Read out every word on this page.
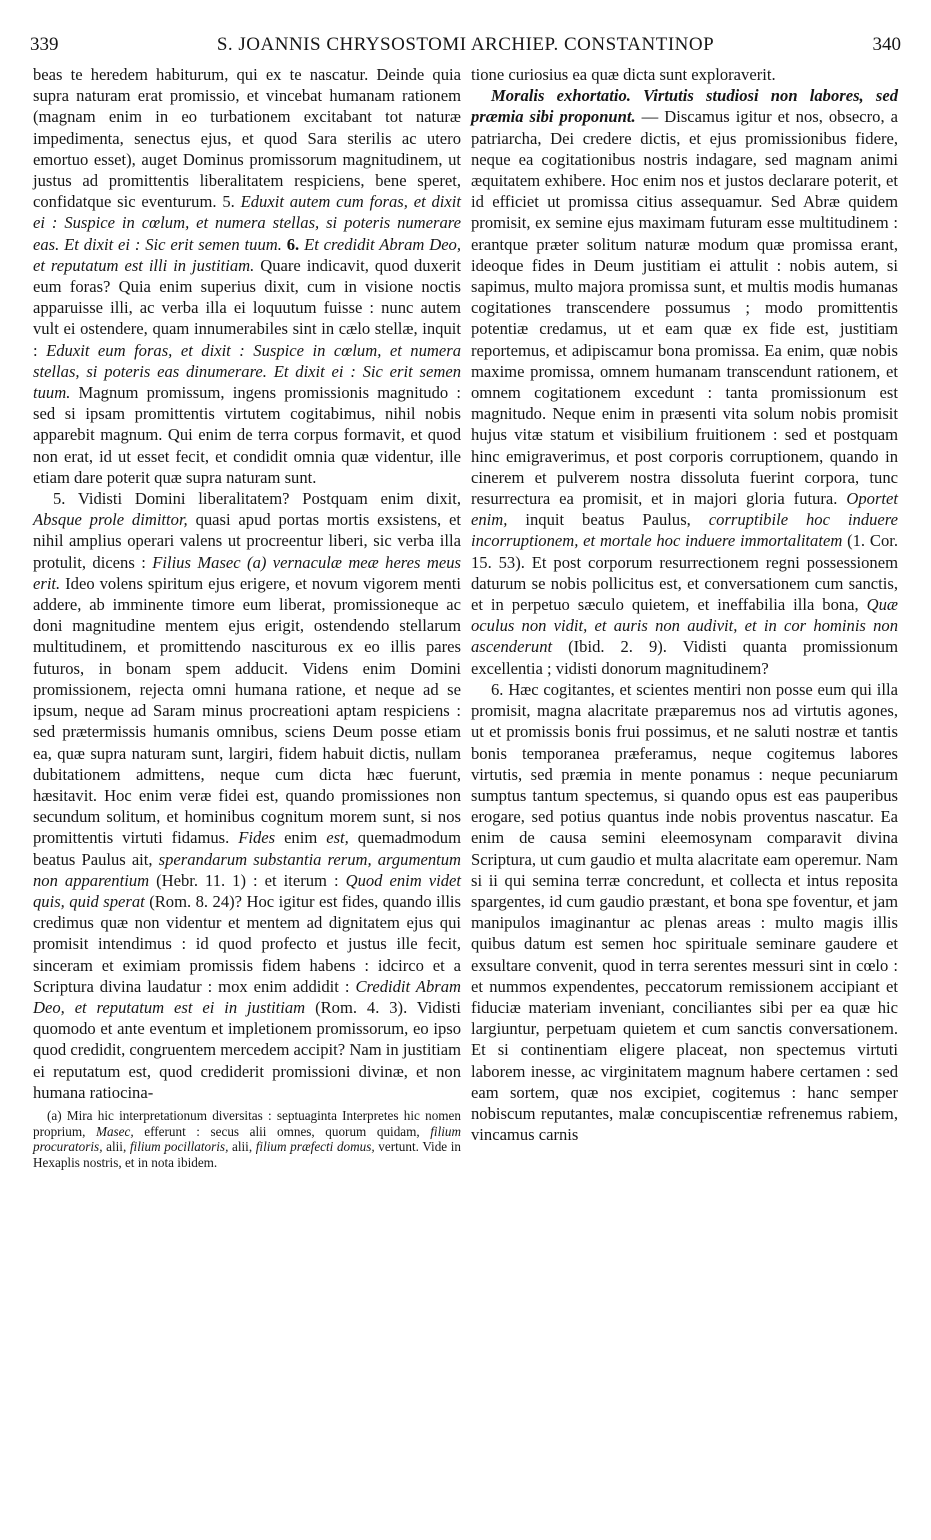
339	S. JOANNIS CHRYSOSTOMI ARCHIEP. CONSTANTINOP	340

beas te heredem habiturum, qui ex te nascatur. Deinde quia supra naturam erat promissio, et vincebat humanam rationem (magnam enim in eo turbationem excitabant tot naturæ impedimenta, senectus ejus, et quod Sara sterilis ac utero emortuo esset), auget Dominus promissorum magnitudinem, ut justus ad promittentis liberalitatem respiciens, bene speret, confidatque sic eventurum. 5. Eduxit autem cum foras, et dixit ei : Suspice in cœlum, et numera stellas, si poteris numerare eas. Et dixit ei : Sic erit semen tuum. 6. Et credidit Abram Deo, et reputatum est illi in justitiam. Quare indicavit, quod duxerit eum foras? Quia enim superius dixit, cum in visione noctis apparuisse illi, ac verba illa ei loquutum fuisse : nunc autem vult ei ostendere, quam innumerabiles sint in cælo stellæ, inquit : Eduxit eum foras, et dixit : Suspice in cœlum, et numera stellas, si poteris eas dinumerare. Et dixit ei : Sic erit semen tuum. Magnum promissum, ingens promissionis magnitudo : sed si ipsam promittentis virtutem cogitabimus, nihil nobis apparebit magnum. Qui enim de terra corpus formavit, et quod non erat, id ut esset fecit, et condidit omnia quæ videntur, ille etiam dare poterit quæ supra naturam sunt.

5. Vidisti Domini liberalitatem? Postquam enim dixit, Absque prole dimittor, quasi apud portas mortis exsistens, et nihil amplius operari valens ut procreentur liberi, sic verba illa protulit, dicens : Filius Masec (a) vernaculæ meæ heres meus erit. Ideo volens spiritum ejus erigere, et novum vigorem menti addere, ab imminente timore eum liberat, promissioneque ac doni magnitudine mentem ejus erigit, ostendendo stellarum multitudinem, et promittendo nasciturous ex eo illis pares futuros, in bonam spem adducit. Videns enim Domini promissionem, rejecta omni humana ratione, et neque ad se ipsum, neque ad Saram minus procreationi aptam respiciens : sed prætermissis humanis omnibus, sciens Deum posse etiam ea, quæ supra naturam sunt, largiri, fidem habuit dictis, nullam dubitationem admittens, neque cum dicta hæc fuerunt, hæsitavit. Hoc enim veræ fidei est, quando promissiones non secundum solitum, et hominibus cognitum morem sunt, si nos promittentis virtuti fidamus. Fides enim est, quemadmodum beatus Paulus ait, sperandarum substantia rerum, argumentum non apparentium (Hebr. 11. 1) : et iterum : Quod enim videt quis, quid sperat (Rom. 8. 24)? Hoc igitur est fides, quando illis credimus quæ non videntur et mentem ad dignitatem ejus qui promisit intendimus : id quod profecto et justus ille fecit, sinceram et eximiam promissis fidem habens : idcirco et a Scriptura divina laudatur : mox enim addidit : Credidit Abram Deo, et reputatum est ei in justitiam (Rom. 4. 3). Vidisti quomodo et ante eventum et impletionem promissorum, eo ipso quod credidit, congruentem mercedem accipit? Nam in justitiam ei reputatum est, quod crediderit promissioni divinæ, et non humana ratiocina-

(a) Mira hic interpretationum diversitas : septuaginta Interpretes hic nomen proprium, Masec, efferunt : secus alii omnes, quorum quidam, filium procuratoris, alii, filium pocillatoris, alii, filium præfecti domus, vertunt. Vide in Hexaplis nostris, et in nota ibidem.

tione curiosius ea quæ dicta sunt exploraverit.

Moralis exhortatio. Virtutis studiosi non labores, sed præmia sibi proponunt. — Discamus igitur et nos, obsecro, a patriarcha, Dei credere dictis, et ejus promissionibus fidere, neque ea cogitationibus nostris indagare, sed magnam animi æquitatem exhibere. Hoc enim nos et justos declarare poterit, et id efficiet ut promissa citius assequamur. Sed Abræ quidem promisit, ex semine ejus maximam futuram esse multitudinem : erantque præter solitum naturæ modum quæ promissa erant, ideoque fides in Deum justitiam ei attulit : nobis autem, si sapimus, multo majora promissa sunt, et multis modis humanas cogitationes transcendere possumus ; modo promittentis potentiæ credamus, ut et eam quæ ex fide est, justitiam reportemus, et adipiscamur bona promissa. Ea enim, quæ nobis maxime promissa, omnem humanam transcendunt rationem, et omnem cogitationem excedunt : tanta promissionum est magnitudo. Neque enim in præsenti vita solum nobis promisit hujus vitæ statum et visibilium fruitionem : sed et postquam hinc emigraverimus, et post corporis corruptionem, quando in cinerem et pulverem nostra dissoluta fuerint corpora, tunc resurrectura ea promisit, et in majori gloria futura. Oportet enim, inquit beatus Paulus, corruptibile hoc induere incorruptionem, et mortale hoc induere immortalitatem (1. Cor. 15. 53). Et post corporum resurrectionem regni possessionem daturum se nobis pollicitus est, et conversationem cum sanctis, et in perpetuo sæculo quietem, et ineffabilia illa bona, Quæ oculus non vidit, et auris non audivit, et in cor hominis non ascenderunt (Ibid. 2. 9). Vidisti quanta promissionum excellentia ; vidisti donorum magnitudinem?

6. Hæc cogitantes, et scientes mentiri non posse eum qui illa promisit, magna alacritate præparemus nos ad virtutis agones, ut et promissis bonis frui possimus, et ne saluti nostræ et tantis bonis temporanea præferamus, neque cogitemus labores virtutis, sed præmia in mente ponamus : neque pecuniarum sumptus tantum spectemus, si quando opus est eas pauperibus erogare, sed potius quantus inde nobis proventus nascatur. Ea enim de causa semini eleemosynam comparavit divina Scriptura, ut cum gaudio et multa alacritate eam operemur. Nam si ii qui semina terræ concredunt, et collecta et intus reposita spargentes, id cum gaudio præstant, et bona spe foventur, et jam manipulos imaginantur ac plenas areas : multo magis illis quibus datum est semen hoc spirituale seminare gaudere et exsultare convenit, quod in terra serentes messuri sint in cœlo : et nummos expendentes, peccatorum remissionem accipiant et fiduciæ materiam inveniant, conciliantes sibi per ea quæ hic largiuntur, perpetuam quietem et cum sanctis conversationem. Et si continentiam eligere placeat, non spectemus virtuti laborem inesse, ac virginitatem magnum habere certamen : sed eam sortem, quæ nos excipiet, cogitemus : hanc semper nobiscum reputantes, malæ concupiscentiæ refrenemus rabiem, vincamus carnis
